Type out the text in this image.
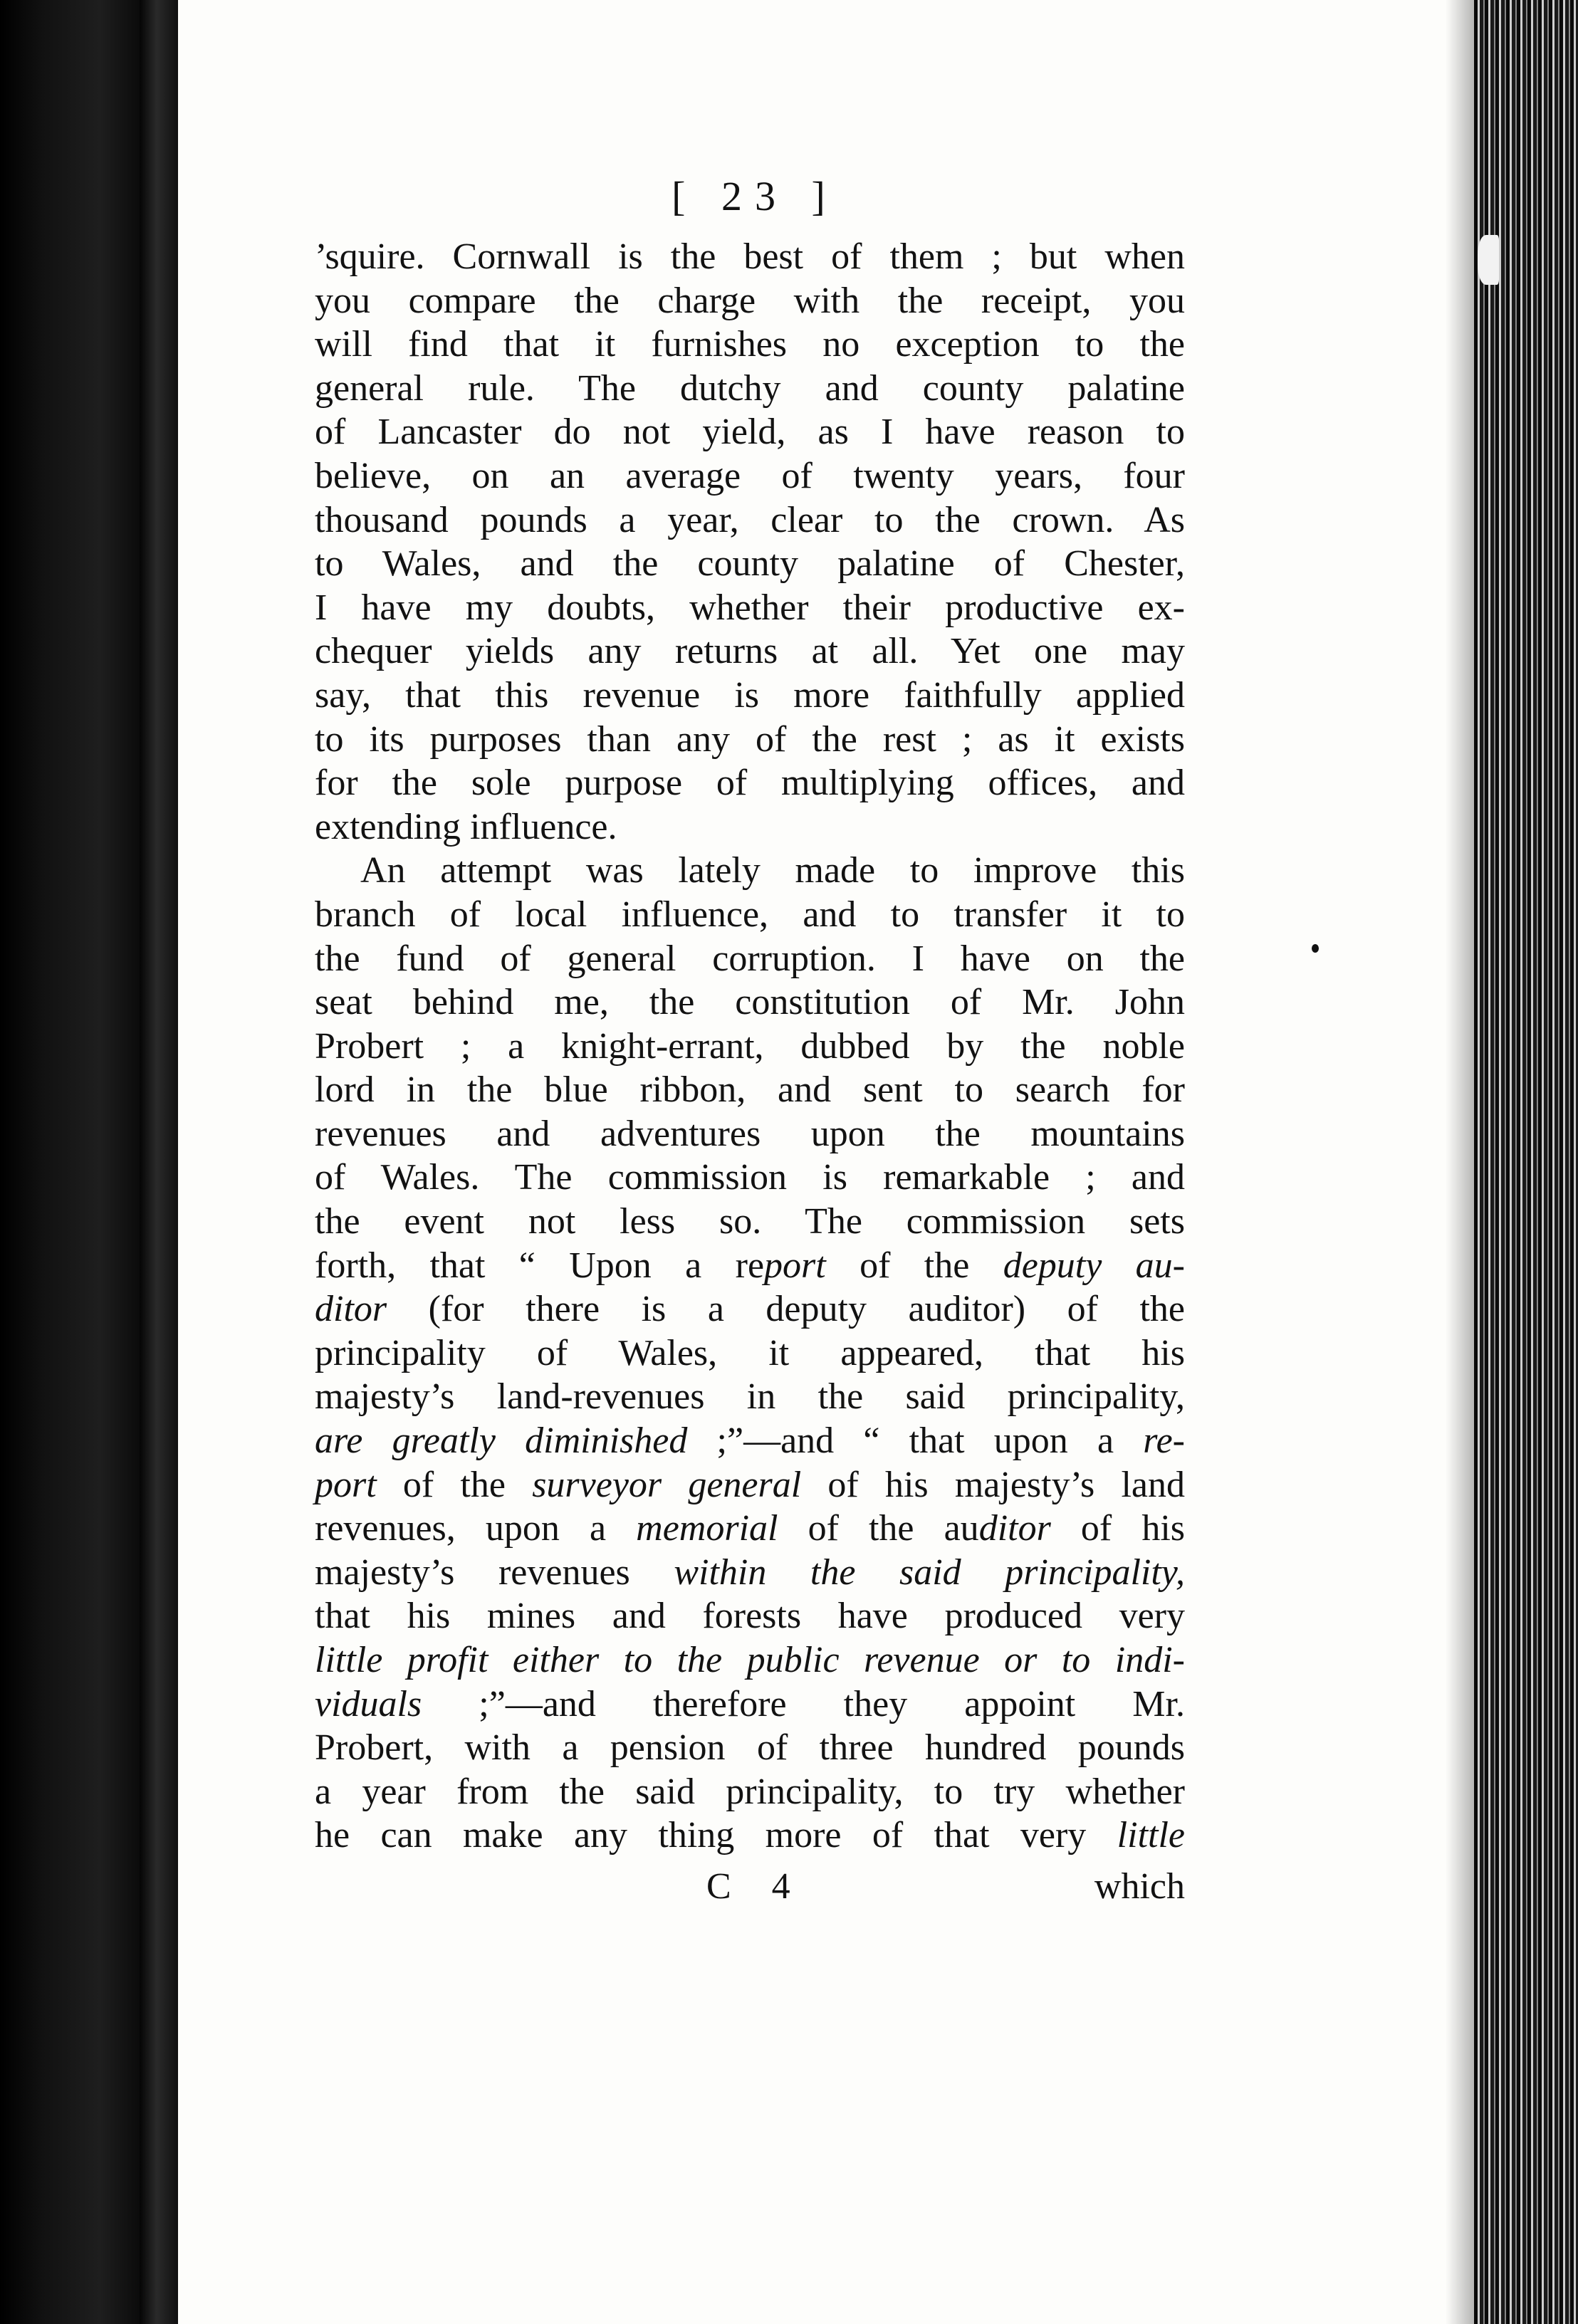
[ 23 ]
’squire. Cornwall is the best of them ; but when
you compare the charge with the receipt, you
will find that it furnishes no exception to the
general rule. The dutchy and county palatine
of Lancaster do not yield, as I have reason to
believe, on an average of twenty years, four
thousand pounds a year, clear to the crown. As
to Wales, and the county palatine of Chester,
I have my doubts, whether their productive ex-
chequer yields any returns at all. Yet one may
say, that this revenue is more faithfully applied
to its purposes than any of the rest ; as it exists
for the sole purpose of multiplying offices, and
extending influence.
An attempt was lately made to improve this
branch of local influence, and to transfer it to
the fund of general corruption. I have on the
seat behind me, the constitution of Mr. John
Probert ; a knight-errant, dubbed by the noble
lord in the blue ribbon, and sent to search for
revenues and adventures upon the mountains
of Wales. The commission is remarkable ; and
the event not less so. The commission sets
forth, that “ Upon a report of the deputy au-
ditor (for there is a deputy auditor) of the
principality of Wales, it appeared, that his
majesty’s land-revenues in the said principality,
are greatly diminished ;”—and “ that upon a re-
port of the surveyor general of his majesty’s land
revenues, upon a memorial of the auditor of his
majesty’s revenues within the said principality,
that his mines and forests have produced very
little profit either to the public revenue or to indi-
viduals ;”—and therefore they appoint Mr.
Probert, with a pension of three hundred pounds
a year from the said principality, to try whether
he can make any thing more of that very little
C 4	which
